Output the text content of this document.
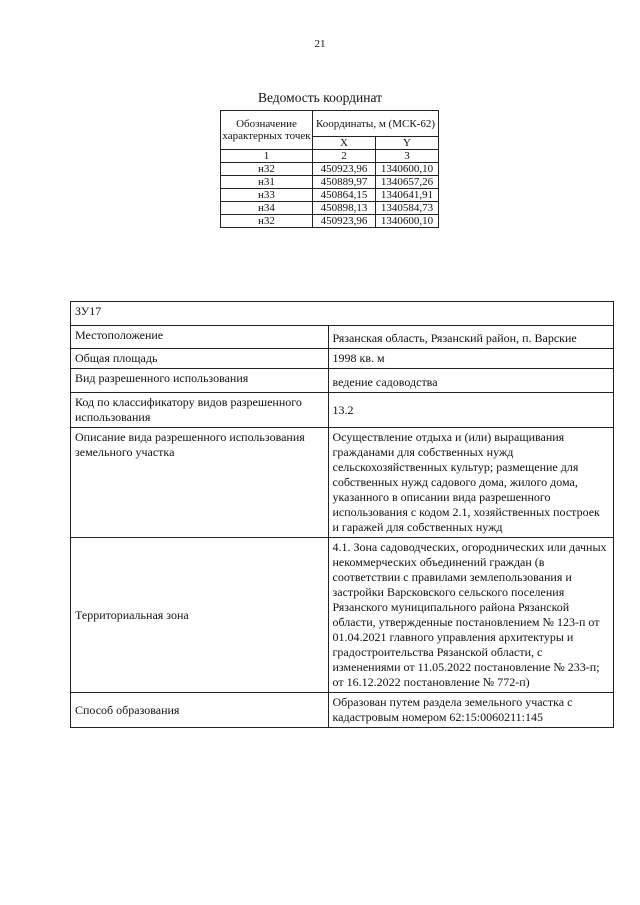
21
Ведомость координат
Обозначение характерных точек	Координаты, м (МСК-62)	
	X	Y
1	2	3
н32	450923,96	1340600,10
н31	450889,97	1340657,26
н33	450864,15	1340641,91
н34	450898,13	1340584,73
н32	450923,96	1340600,10
ЗУ17	
Местоположение	Рязанская область, Рязанский район, п. Варские
Общая площадь	1998 кв. м
Вид разрешенного использования	ведение садоводства
Код по классификатору видов разрешенного использования	13.2
Описание вида разрешенного использования земельного участка	Осуществление отдыха и (или) выращивания гражданами для собственных нужд сельскохозяйственных культур; размещение для собственных нужд садового дома, жилого дома, указанного в описании вида разрешенного использования с кодом 2.1, хозяйственных построек и гаражей для собственных нужд
Территориальная зона	4.1. Зона садоводческих, огороднических или дачных некоммерческих объединений граждан (в соответствии с правилами землепользования и застройки Варсковского сельского поселения Рязанского муниципального района Рязанской области, утвержденные постановлением № 123-п от 01.04.2021 главного управления архитектуры и градостроительства Рязанской области, с изменениями от 11.05.2022 постановление № 233-п; от 16.12.2022 постановление № 772-п)
Способ образования	Образован путем раздела земельного участка с кадастровым номером 62:15:0060211:145
